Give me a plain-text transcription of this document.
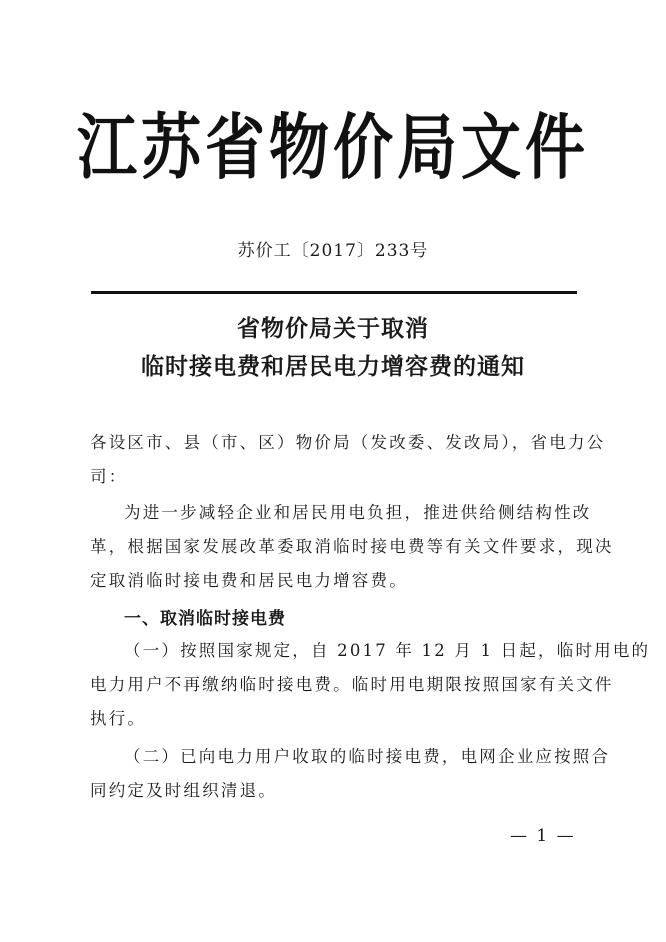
江苏省物价局文件
苏价工〔2017〕233号
省物价局关于取消
临时接电费和居民电力增容费的通知
各设区市、县（市、区）物价局（发改委、发改局），省电力公
司：
为进一步减轻企业和居民用电负担，推进供给侧结构性改
革，根据国家发展改革委取消临时接电费等有关文件要求，现决
定取消临时接电费和居民电力增容费。
一、取消临时接电费
（一）按照国家规定，自 2017 年 12 月 1 日起，临时用电的
电力用户不再缴纳临时接电费。临时用电期限按照国家有关文件
执行。
（二）已向电力用户收取的临时接电费，电网企业应按照合
同约定及时组织清退。
— 1 —
